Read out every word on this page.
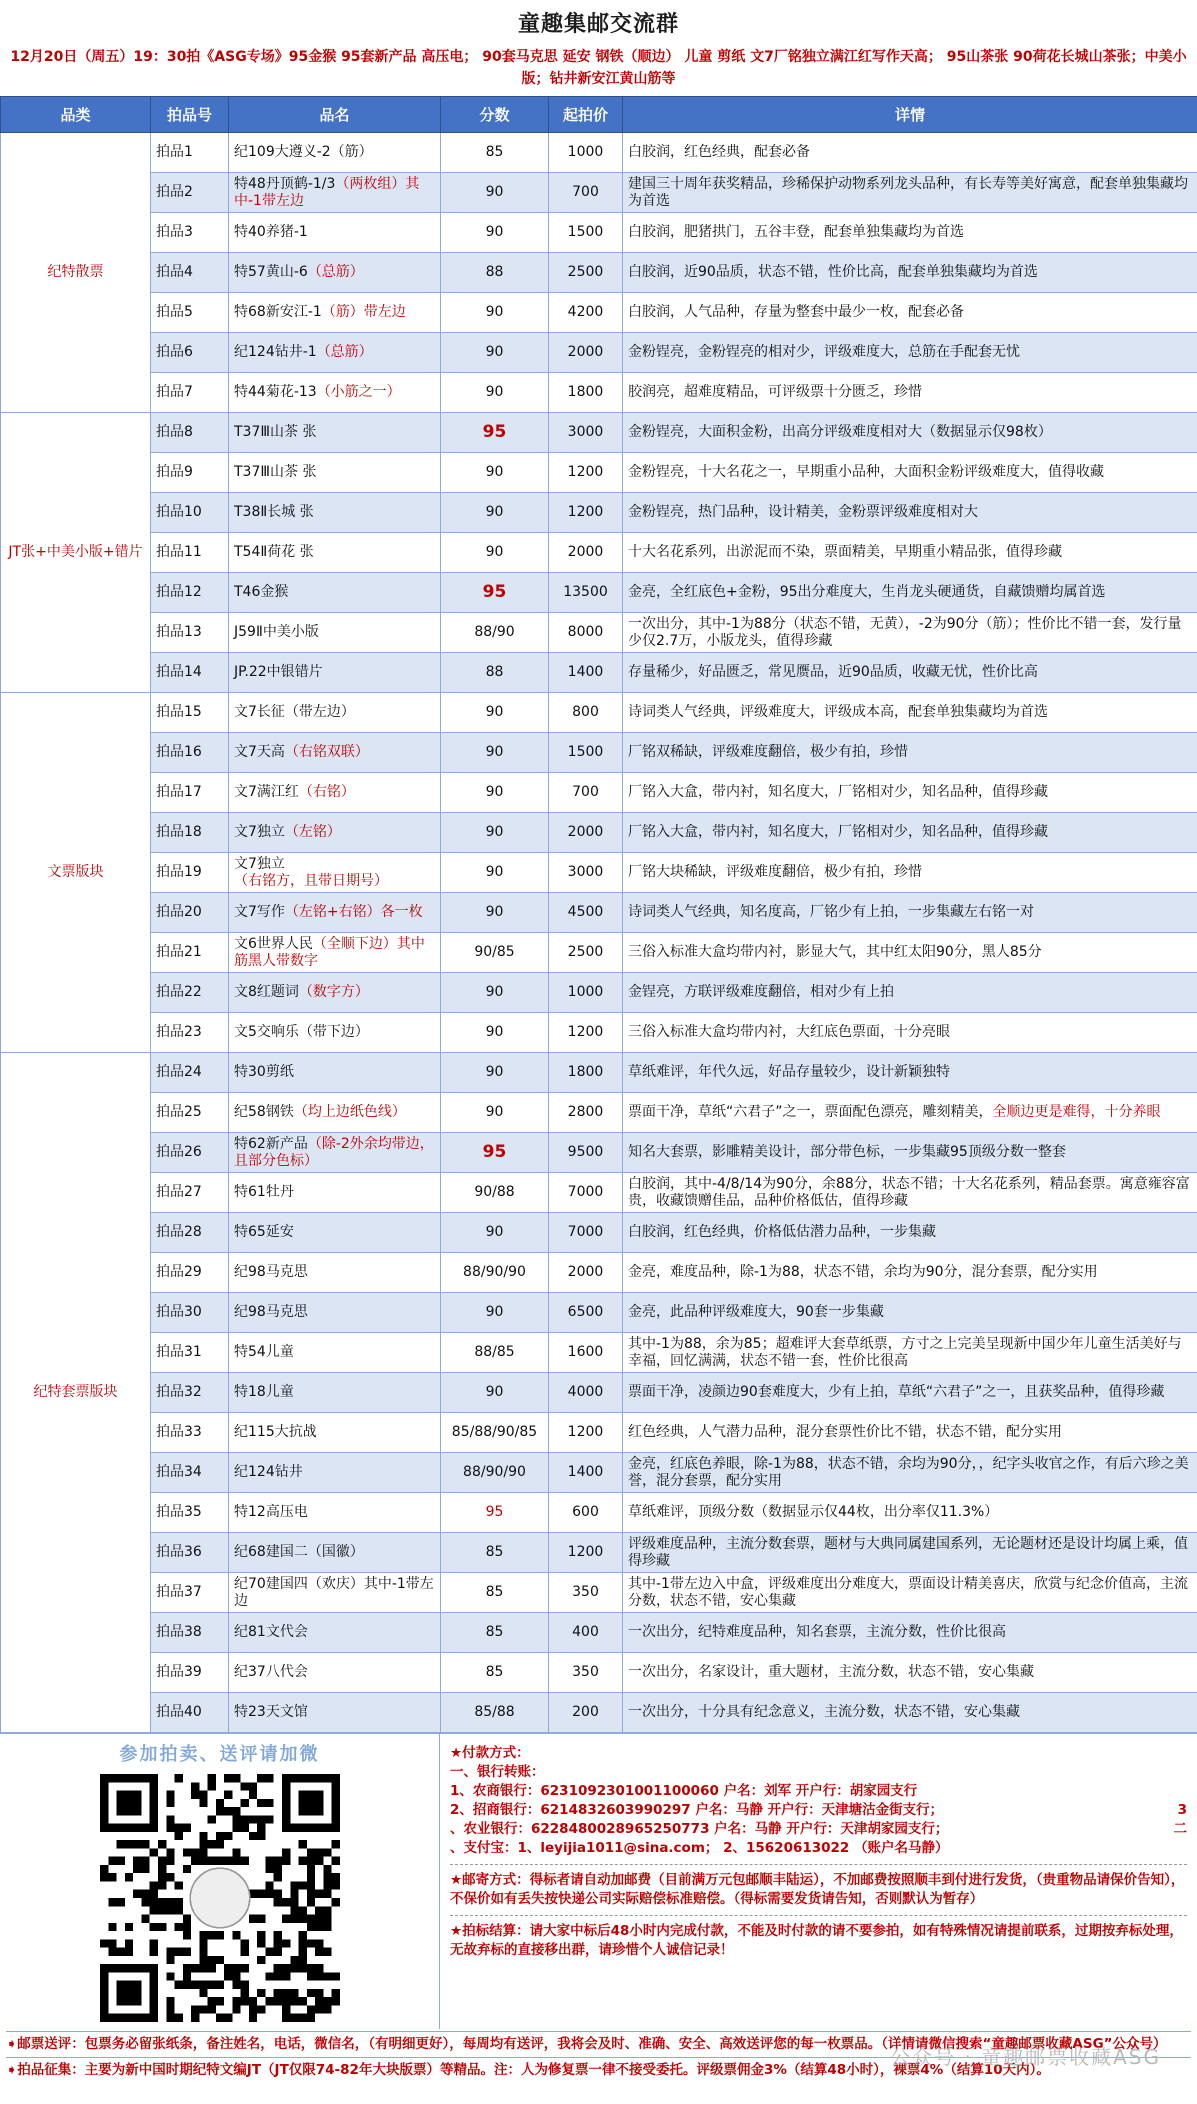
童趣集邮交流群
12月20日（周五）19：30拍《ASG专场》95金猴 95套新产品 高压电； 90套马克思 延安 钢铁（顺边） 儿童 剪纸 文7厂铭独立满江红写作天高； 95山茶张 90荷花长城山茶张；中美小版；钻井新安江黄山筋等
品类	拍品号	品名	分数	起拍价	详情
纪特散票	拍品1	纪109大遵义-2（筋）	85	1000	白胶润，红色经典，配套必备
	拍品2	特48丹顶鹤-1/3（两枚组）其中-1带左边	90	700	建国三十周年获奖精品，珍稀保护动物系列龙头品种，有长寿等美好寓意，配套单独集藏均为首选
	拍品3	特40养猪-1	90	1500	白胶润，肥猪拱门，五谷丰登，配套单独集藏均为首选
	拍品4	特57黄山-6（总筋）	88	2500	白胶润，近90品质，状态不错，性价比高，配套单独集藏均为首选
	拍品5	特68新安江-1（筋）带左边	90	4200	白胶润，人气品种，存量为整套中最少一枚，配套必备
	拍品6	纪124钻井-1（总筋）	90	2000	金粉锃亮，金粉锃亮的相对少，评级难度大，总筋在手配套无忧
	拍品7	特44菊花-13（小筋之一）	90	1800	胶润亮，超难度精品，可评级票十分匮乏，珍惜
JT张+中美小版+错片	拍品8	T37Ⅲ山茶 张	95	3000	金粉锃亮，大面积金粉，出高分评级难度相对大（数据显示仅98枚）
	拍品9	T37Ⅲ山茶 张	90	1200	金粉锃亮，十大名花之一，早期重小品种，大面积金粉评级难度大，值得收藏
	拍品10	T38Ⅱ长城 张	90	1200	金粉锃亮，热门品种，设计精美，金粉票评级难度相对大
	拍品11	T54Ⅱ荷花 张	90	2000	十大名花系列，出淤泥而不染，票面精美，早期重小精品张，值得珍藏
	拍品12	T46金猴	95	13500	金亮，全红底色+金粉，95出分难度大，生肖龙头硬通货，自藏馈赠均属首选
	拍品13	J59Ⅱ中美小版	88/90	8000	一次出分，其中-1为88分（状态不错，无黄），-2为90分（筋）；性价比不错一套，发行量少仅2.7万，小版龙头，值得珍藏
	拍品14	JP.22中银错片	88	1400	存量稀少，好品匮乏，常见赝品，近90品质，收藏无忧，性价比高
文票版块	拍品15	文7长征（带左边）	90	800	诗词类人气经典，评级难度大，评级成本高，配套单独集藏均为首选
	拍品16	文7天高（右铭双联）	90	1500	厂铭双稀缺，评级难度翻倍，极少有拍，珍惜
	拍品17	文7满江红（右铭）	90	700	厂铭入大盒，带内衬，知名度大，厂铭相对少，知名品种，值得珍藏
	拍品18	文7独立（左铭）	90	2000	厂铭入大盒，带内衬，知名度大，厂铭相对少，知名品种，值得珍藏
	拍品19	文7独立（右铭方，且带日期号）	90	3000	厂铭大块稀缺，评级难度翻倍，极少有拍，珍惜
	拍品20	文7写作（左铭+右铭）各一枚	90	4500	诗词类人气经典，知名度高，厂铭少有上拍，一步集藏左右铭一对
	拍品21	文6世界人民（全顺下边）其中筋黑人带数字	90/85	2500	三俗入标准大盒均带内衬，影显大气，其中红太阳90分，黑人85分
	拍品22	文8红题词（数字方）	90	1000	金锃亮，方联评级难度翻倍，相对少有上拍
	拍品23	文5交响乐（带下边）	90	1200	三俗入标准大盒均带内衬，大红底色票面，十分亮眼
纪特套票版块	拍品24	特30剪纸	90	1800	草纸难评，年代久远，好品存量较少，设计新颖独特
	拍品25	纪58钢铁（均上边纸色线）	90	2800	票面干净，草纸“六君子”之一，票面配色漂亮，雕刻精美，全顺边更是难得，十分养眼
	拍品26	特62新产品（除-2外余均带边，且部分色标）	95	9500	知名大套票，影雕精美设计，部分带色标，一步集藏95顶级分数一整套
	拍品27	特61牡丹	90/88	7000	白胶润，其中-4/8/14为90分，余88分，状态不错；十大名花系列，精品套票。寓意雍容富贵，收藏馈赠佳品，品种价格低估，值得珍藏
	拍品28	特65延安	90	7000	白胶润，红色经典，价格低估潜力品种，一步集藏
	拍品29	纪98马克思	88/90/90	2000	金亮，难度品种，除-1为88，状态不错，余均为90分，混分套票，配分实用
	拍品30	纪98马克思	90	6500	金亮，此品种评级难度大，90套一步集藏
	拍品31	特54儿童	88/85	1600	其中-1为88，余为85；超难评大套草纸票，方寸之上完美呈现新中国少年儿童生活美好与幸福，回忆满满，状态不错一套，性价比很高
	拍品32	特18儿童	90	4000	票面干净，凌颜边90套难度大，少有上拍，草纸“六君子”之一，且获奖品种，值得珍藏
	拍品33	纪115大抗战	85/88/90/85	1200	红色经典，人气潜力品种，混分套票性价比不错，状态不错，配分实用
	拍品34	纪124钻井	88/90/90	1400	金亮，红底色养眼，除-1为88，状态不错，余均为90分，，纪字头收官之作，有后六珍之美誉，混分套票，配分实用
	拍品35	特12高压电	95	600	草纸难评，顶级分数（数据显示仅44枚，出分率仅11.3%）
	拍品36	纪68建国二（国徽）	85	1200	评级难度品种，主流分数套票，题材与大典同属建国系列，无论题材还是设计均属上乘，值得珍藏
	拍品37	纪70建国四（欢庆）其中-1带左边	85	350	其中-1带左边入中盒，评级难度出分难度大，票面设计精美喜庆，欣赏与纪念价值高，主流分数，状态不错，安心集藏
	拍品38	纪81文代会	85	400	一次出分，纪特难度品种，知名套票，主流分数，性价比很高
	拍品39	纪37八代会	85	350	一次出分，名家设计，重大题材，主流分数，状态不错，安心集藏
	拍品40	特23天文馆	85/88	200	一次出分，十分具有纪念意义，主流分数，状态不错，安心集藏
参加拍卖、送评请加微	★付款方式：
一、银行转账：
1、农商银行：6231092301001100060 户名：刘军 开户行：胡家园支行
2、招商银行：6214832603990297 户名：马静 开户行：天津塘沽金街支行；	3
、农业银行：6228480028965250773 户名：马静 开户行：天津胡家园支行；	二
、支付宝：1、leyijia1011@sina.com； 2、15620613022 （账户名马静）
★邮寄方式：得标者请自动加邮费（目前满万元包邮顺丰陆运），不加邮费按照顺丰到付进行发货，（贵重物品请保价告知），不保价如有丢失按快递公司实际赔偿标准赔偿。（得标需要发货请告知，否则默认为暂存）
★拍标结算：请大家中标后48小时内完成付款，不能及时付款的请不要参拍，如有特殊情况请提前联系，过期按弃标处理，无故弃标的直接移出群，请珍惜个人诚信记录！
➧邮票送评：包票务必留张纸条，备注姓名，电话，微信名，（有明细更好），每周均有送评，我将会及时、准确、安全、高效送评您的每一枚票品。（详情请微信搜索“童趣邮票收藏ASG”公众号）
➧拍品征集：主要为新中国时期纪特文编JT（JT仅限74-82年大块版票）等精品。注：人为修复票一律不接受委托。评级票佣金3%（结算48小时），裸票4%（结算10天内）。
公众号 · 童趣邮票收藏ASG
